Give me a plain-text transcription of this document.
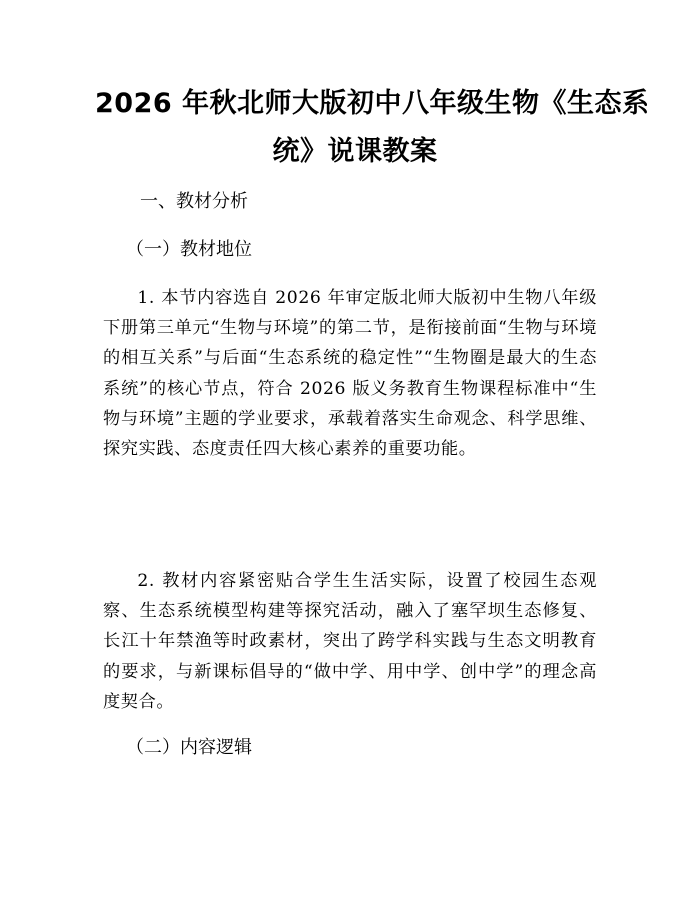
2026 年秋北师大版初中八年级生物《生态系
统》说课教案
一、教材分析
（一）教材地位
1. 本节内容选自 2026 年审定版北师大版初中生物八年级下册第三单元“生物与环境”的第二节，是衔接前面“生物与环境的相互关系”与后面“生态系统的稳定性”“生物圈是最大的生态系统”的核心节点，符合 2026 版义务教育生物课程标准中“生物与环境”主题的学业要求，承载着落实生命观念、科学思维、探究实践、态度责任四大核心素养的重要功能。
2. 教材内容紧密贴合学生生活实际，设置了校园生态观察、生态系统模型构建等探究活动，融入了塞罕坝生态修复、长江十年禁渔等时政素材，突出了跨学科实践与生态文明教育的要求，与新课标倡导的“做中学、用中学、创中学”的理念高度契合。
（二）内容逻辑
